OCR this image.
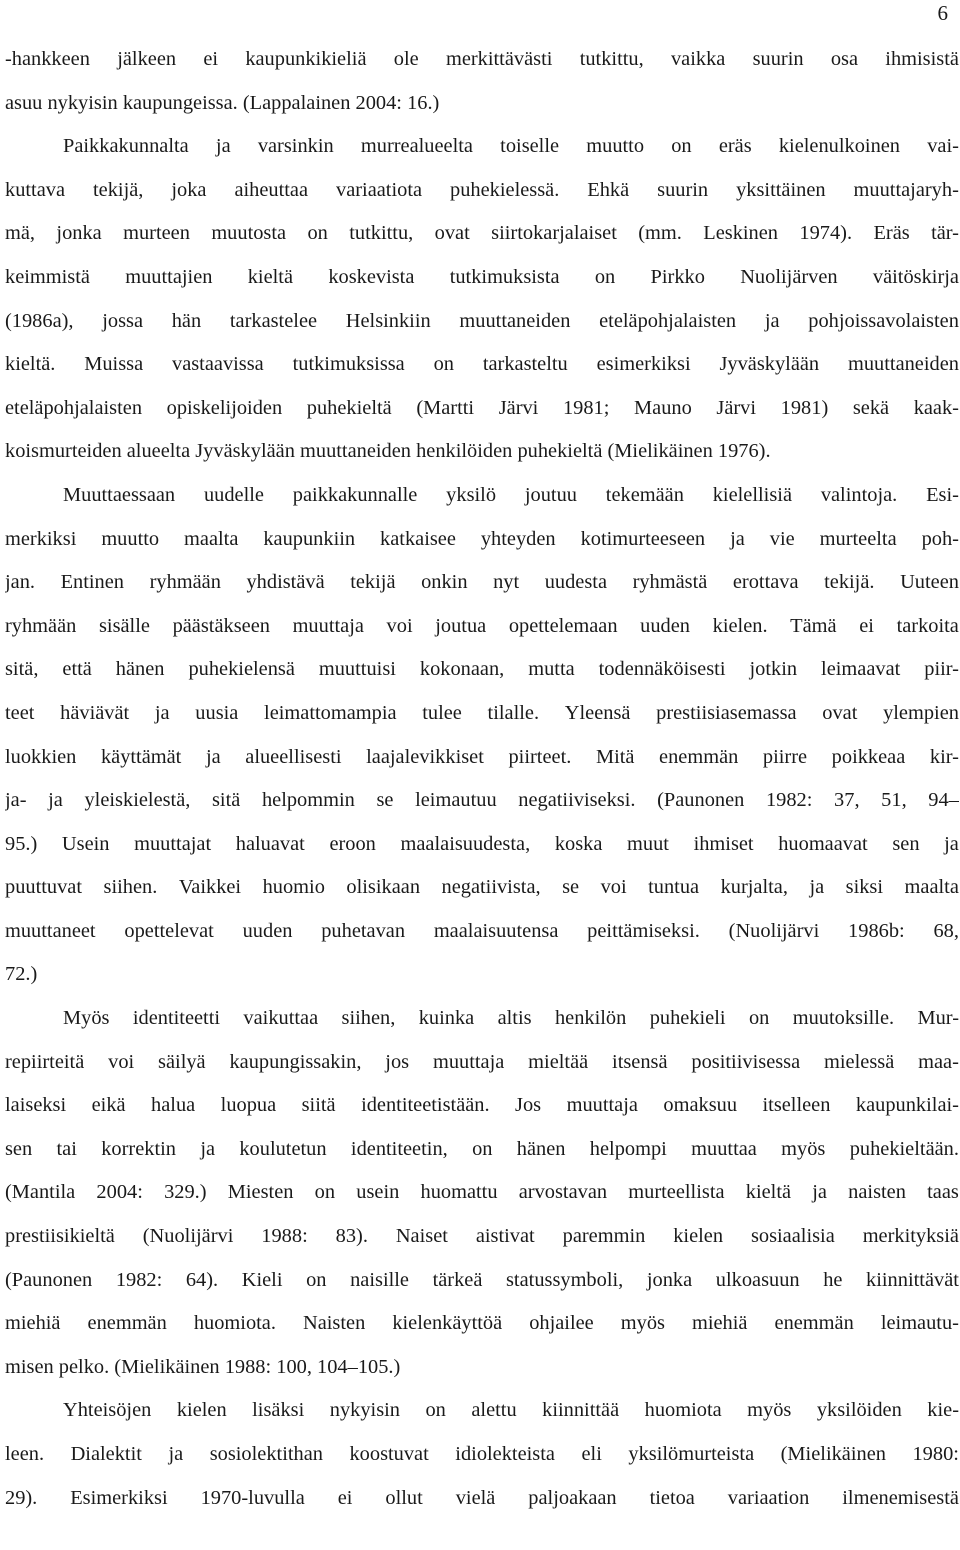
6
-hankkeen jälkeen ei kaupunkikieliä ole merkittävästi tutkittu, vaikka suurin osa ihmisistä
asuu nykyisin kaupungeissa. (Lappalainen 2004: 16.)
Paikkakunnalta ja varsinkin murrealueelta toiselle muutto on eräs kielenulkoinen vai-
kuttava tekijä, joka aiheuttaa variaatiota puhekielessä. Ehkä suurin yksittäinen muuttajaryh-
mä, jonka murteen muutosta on tutkittu, ovat siirtokarjalaiset (mm. Leskinen 1974). Eräs tär-
keimmistä muuttajien kieltä koskevista tutkimuksista on Pirkko Nuolijärven väitöskirja
(1986a), jossa hän tarkastelee Helsinkiin muuttaneiden eteläpohjalaisten ja pohjoissavolaisten
kieltä. Muissa vastaavissa tutkimuksissa on tarkasteltu esimerkiksi Jyväskylään muuttaneiden
eteläpohjalaisten opiskelijoiden puhekieltä (Martti Järvi 1981; Mauno Järvi 1981) sekä kaak-
koismurteiden alueelta Jyväskylään muuttaneiden henkilöiden puhekieltä (Mielikäinen 1976).
Muuttaessaan uudelle paikkakunnalle yksilö joutuu tekemään kielellisiä valintoja. Esi-
merkiksi muutto maalta kaupunkiin katkaisee yhteyden kotimurteeseen ja vie murteelta poh-
jan. Entinen ryhmään yhdistävä tekijä onkin nyt uudesta ryhmästä erottava tekijä. Uuteen
ryhmään sisälle päästäkseen muuttaja voi joutua opettelemaan uuden kielen. Tämä ei tarkoita
sitä, että hänen puhekielensä muuttuisi kokonaan, mutta todennäköisesti jotkin leimaavat piir-
teet häviävät ja uusia leimattomampia tulee tilalle. Yleensä prestiisiasemassa ovat ylempien
luokkien käyttämät ja alueellisesti laajalevikkiset piirteet. Mitä enemmän piirre poikkeaa kir-
ja- ja yleiskielestä, sitä helpommin se leimautuu negatiiviseksi. (Paunonen 1982: 37, 51, 94–
95.) Usein muuttajat haluavat eroon maalaisuudesta, koska muut ihmiset huomaavat sen ja
puuttuvat siihen. Vaikkei huomio olisikaan negatiivista, se voi tuntua kurjalta, ja siksi maalta
muuttaneet opettelevat uuden puhetavan maalaisuutensa peittämiseksi. (Nuolijärvi 1986b: 68,
72.)
Myös identiteetti vaikuttaa siihen, kuinka altis henkilön puhekieli on muutoksille. Mur-
repiirteitä voi säilyä kaupungissakin, jos muuttaja mieltää itsensä positiivisessa mielessä maa-
laiseksi eikä halua luopua siitä identiteetistään. Jos muuttaja omaksuu itselleen kaupunkilai-
sen tai korrektin ja koulutetun identiteetin, on hänen helpompi muuttaa myös puhekieltään.
(Mantila 2004: 329.) Miesten on usein huomattu arvostavan murteellista kieltä ja naisten taas
prestiisikieltä (Nuolijärvi 1988: 83). Naiset aistivat paremmin kielen sosiaalisia merkityksiä
(Paunonen 1982: 64). Kieli on naisille tärkeä statussymboli, jonka ulkoasuun he kiinnittävät
miehiä enemmän huomiota. Naisten kielenkäyttöä ohjailee myös miehiä enemmän leimautu-
misen pelko. (Mielikäinen 1988: 100, 104–105.)
Yhteisöjen kielen lisäksi nykyisin on alettu kiinnittää huomiota myös yksilöiden kie-
leen. Dialektit ja sosiolektithan koostuvat idiolekteista eli yksilömurteista (Mielikäinen 1980:
29). Esimerkiksi 1970-luvulla ei ollut vielä paljoakaan tietoa variaation ilmenemisestä
